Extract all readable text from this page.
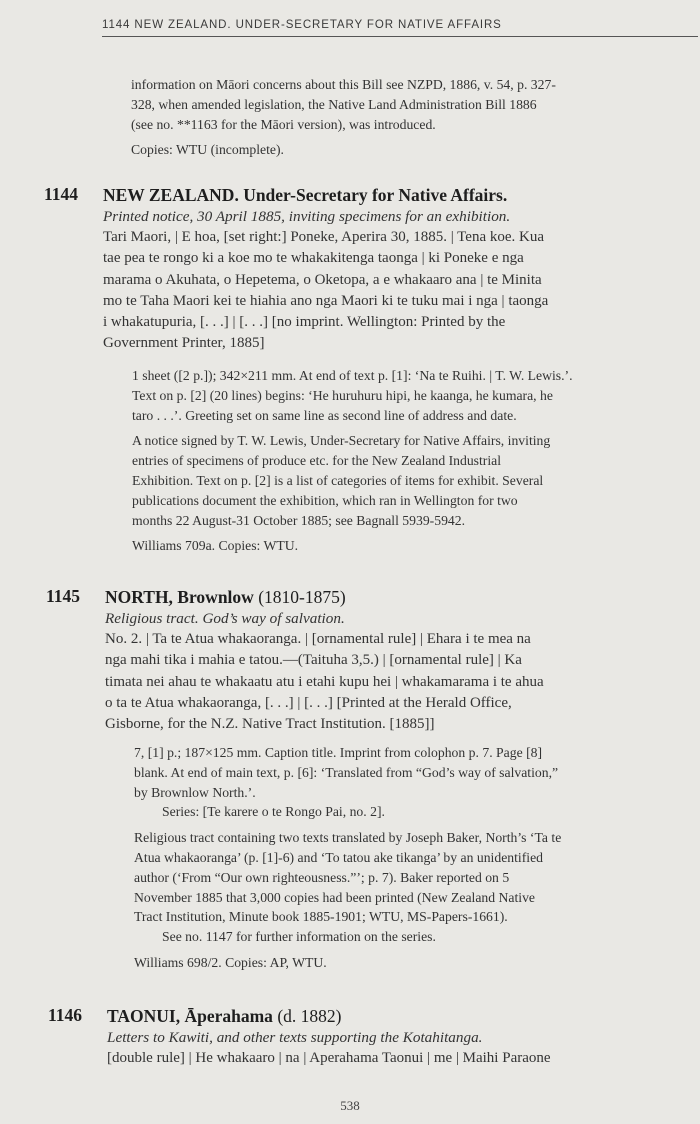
1144 NEW ZEALAND. UNDER-SECRETARY FOR NATIVE AFFAIRS

information on Māori concerns about this Bill see NZPD, 1886, v. 54, p. 327-

328, when amended legislation, the Native Land Administration Bill 1886

(see no. **1163 for the Māori version), was introduced.

Copies: WTU (incomplete).

1144 NEW ZEALAND. Under-Secretary for Native Affairs.

Printed notice, 30 April 1885, inviting specimens for an exhibition.

Tari Maori, | E hoa, [set right:] Poneke, Aperira 30, 1885. | Tena koe. Kua

tae pea te rongo ki a koe mo te whakakitenga taonga | ki Poneke e nga

marama o Akuhata, o Hepetema, o Oketopa, a e whakaaro ana | te Minita

mo te Taha Maori kei te hiahia ano nga Maori ki te tuku mai i nga | taonga

i whakatupuria, [. . .] | [. . .] [no imprint. Wellington: Printed by the

Government Printer, 1885]

1 sheet ([2 p.]); 342×211 mm. At end of text p. [1]: ‘Na te Ruihi. | T. W. Lewis.’.

Text on p. [2] (20 lines) begins: ‘He huruhuru hipi, he kaanga, he kumara, he

taro . . .’. Greeting set on same line as second line of address and date.

A notice signed by T. W. Lewis, Under-Secretary for Native Affairs, inviting

entries of specimens of produce etc. for the New Zealand Industrial

Exhibition. Text on p. [2] is a list of categories of items for exhibit. Several

publications document the exhibition, which ran in Wellington for two

months 22 August-31 October 1885; see Bagnall 5939-5942.

Williams 709a. Copies: WTU.

1145 NORTH, Brownlow (1810-1875)

Religious tract. God’s way of salvation.

No. 2. | Ta te Atua whakaoranga. | [ornamental rule] | Ehara i te mea na

nga mahi tika i mahia e tatou.—(Taituha 3,5.) | [ornamental rule] | Ka

timata nei ahau te whakaatu atu i etahi kupu hei | whakamarama i te ahua

o ta te Atua whakaoranga, [. . .] | [. . .] [Printed at the Herald Office,

Gisborne, for the N.Z. Native Tract Institution. [1885]]

7, [1] p.; 187×125 mm. Caption title. Imprint from colophon p. 7. Page [8]

blank. At end of main text, p. [6]: ‘Translated from “God’s way of salvation,”

by Brownlow North.’.

Series: [Te karere o te Rongo Pai, no. 2].

Religious tract containing two texts translated by Joseph Baker, North’s ‘Ta te

Atua whakaoranga’ (p. [1]-6) and ‘To tatou ake tikanga’ by an unidentified

author (‘From “Our own righteousness.”’; p. 7). Baker reported on 5

November 1885 that 3,000 copies had been printed (New Zealand Native

Tract Institution, Minute book 1885-1901; WTU, MS-Papers-1661).

See no. 1147 for further information on the series.

Williams 698/2. Copies: AP, WTU.

1146 TAONUI, Āperahama (d. 1882)

Letters to Kawiti, and other texts supporting the Kotahitanga.

[double rule] | He whakaaro | na | Aperahama Taonui | me | Maihi Paraone

538
